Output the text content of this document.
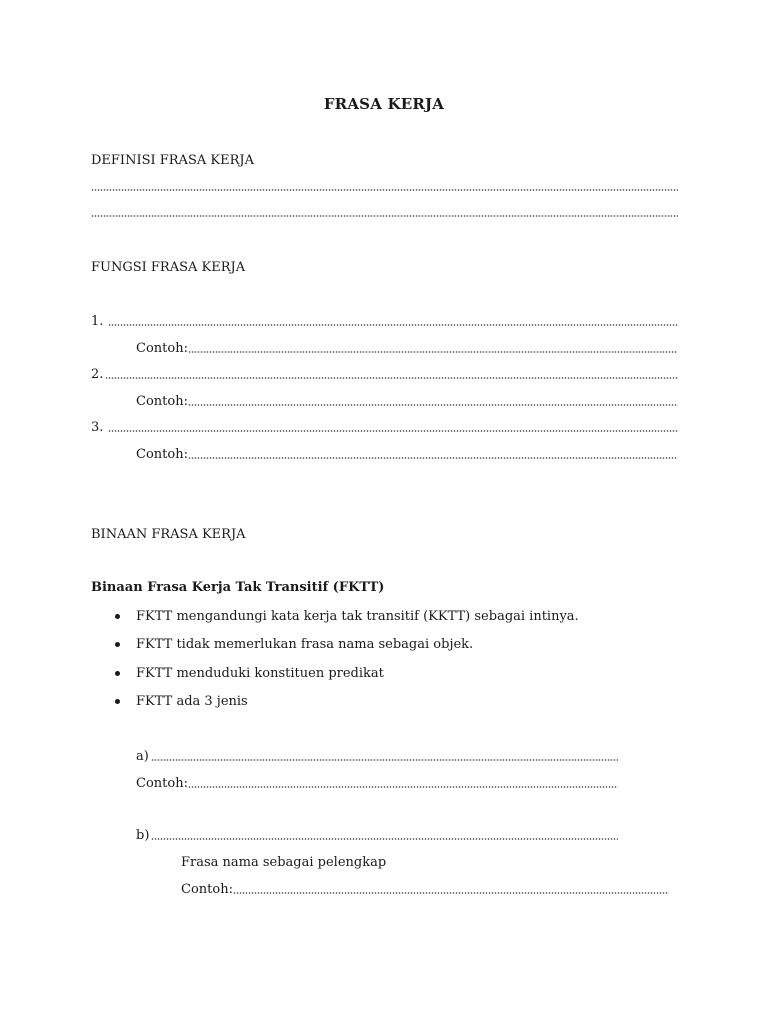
FRASA KERJA
DEFINISI FRASA KERJA
FUNGSI FRASA KERJA
1.
Contoh:
2.
Contoh:
3.
Contoh:
BINAAN FRASA KERJA
Binaan Frasa Kerja Tak Transitif (FKTT)
FKTT mengandungi kata kerja tak transitif (KKTT) sebagai intinya.
FKTT tidak memerlukan frasa nama sebagai objek.
FKTT menduduki konstituen predikat
FKTT ada 3 jenis
a)
Contoh:
b)
Frasa nama sebagai pelengkap
Contoh:
